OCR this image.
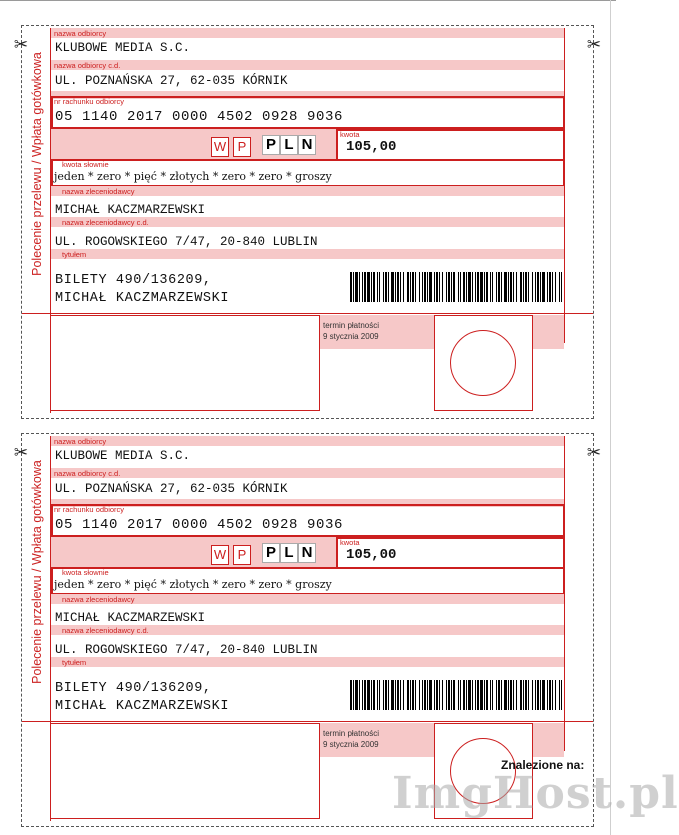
✂	✂
Polecenie przelewu / Wpłata gotówkowa
nazwa odbiorcy
KLUBOWE MEDIA S.C.
nazwa odbiorcy c.d.
UL. POZNAŃSKA 27, 62-035 KÓRNIK
nr rachunku odbiorcy
05 1140 2017 0000 4502 0928 9036
W P	P L N
kwota
105,00
kwota słownie
jeden * zero * pięć * złotych * zero * zero * groszy
nazwa zleceniodawcy
MICHAŁ KACZMARZEWSKI
nazwa zleceniodawcy c.d.
UL. ROGOWSKIEGO 7/47, 20-840 LUBLIN
tytułem
BILETY 490/136209,
MICHAŁ KACZMARZEWSKI
termin płatności
9 stycznia 2009
✂	✂
Polecenie przelewu / Wpłata gotówkowa
nazwa odbiorcy
KLUBOWE MEDIA S.C.
nazwa odbiorcy c.d.
UL. POZNAŃSKA 27, 62-035 KÓRNIK
nr rachunku odbiorcy
05 1140 2017 0000 4502 0928 9036
W P	P L N
kwota
105,00
kwota słownie
jeden * zero * pięć * złotych * zero * zero * groszy
nazwa zleceniodawcy
MICHAŁ KACZMARZEWSKI
nazwa zleceniodawcy c.d.
UL. ROGOWSKIEGO 7/47, 20-840 LUBLIN
tytułem
BILETY 490/136209,
MICHAŁ KACZMARZEWSKI
termin płatności
9 stycznia 2009
Znalezione na:
ImgHost.pl
